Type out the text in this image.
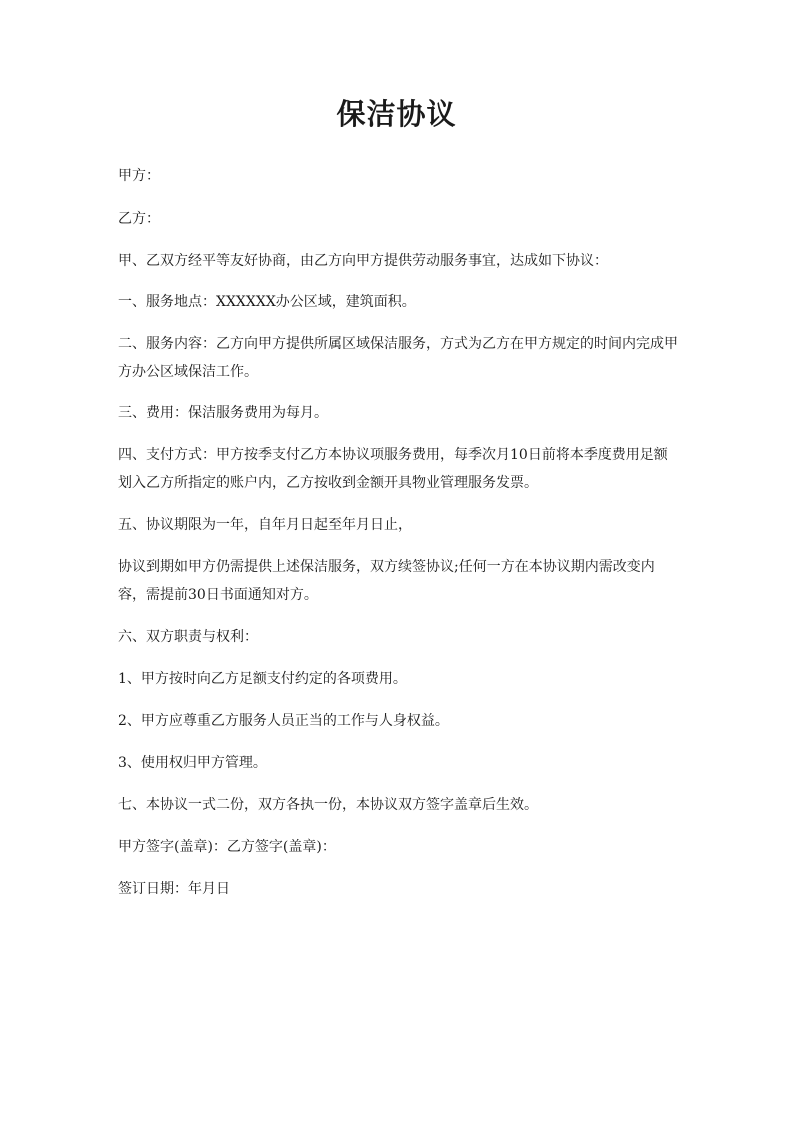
保洁协议
甲方：
乙方：
甲、乙双方经平等友好协商，由乙方向甲方提供劳动服务事宜，达成如下协议：
一、服务地点：XXXXXX办公区域，建筑面积。
二、服务内容：乙方向甲方提供所属区域保洁服务，方式为乙方在甲方规定的时间内完成甲方办公区域保洁工作。
三、费用：保洁服务费用为每月。
四、支付方式：甲方按季支付乙方本协议项服务费用，每季次月10日前将本季度费用足额划入乙方所指定的账户内，乙方按收到金额开具物业管理服务发票。
五、协议期限为一年，自年月日起至年月日止，
协议到期如甲方仍需提供上述保洁服务，双方续签协议;任何一方在本协议期内需改变内容，需提前30日书面通知对方。
六、双方职责与权利：
1、甲方按时向乙方足额支付约定的各项费用。
2、甲方应尊重乙方服务人员正当的工作与人身权益。
3、使用权归甲方管理。
七、本协议一式二份，双方各执一份，本协议双方签字盖章后生效。
甲方签字(盖章)：乙方签字(盖章)：
签订日期：年月日
